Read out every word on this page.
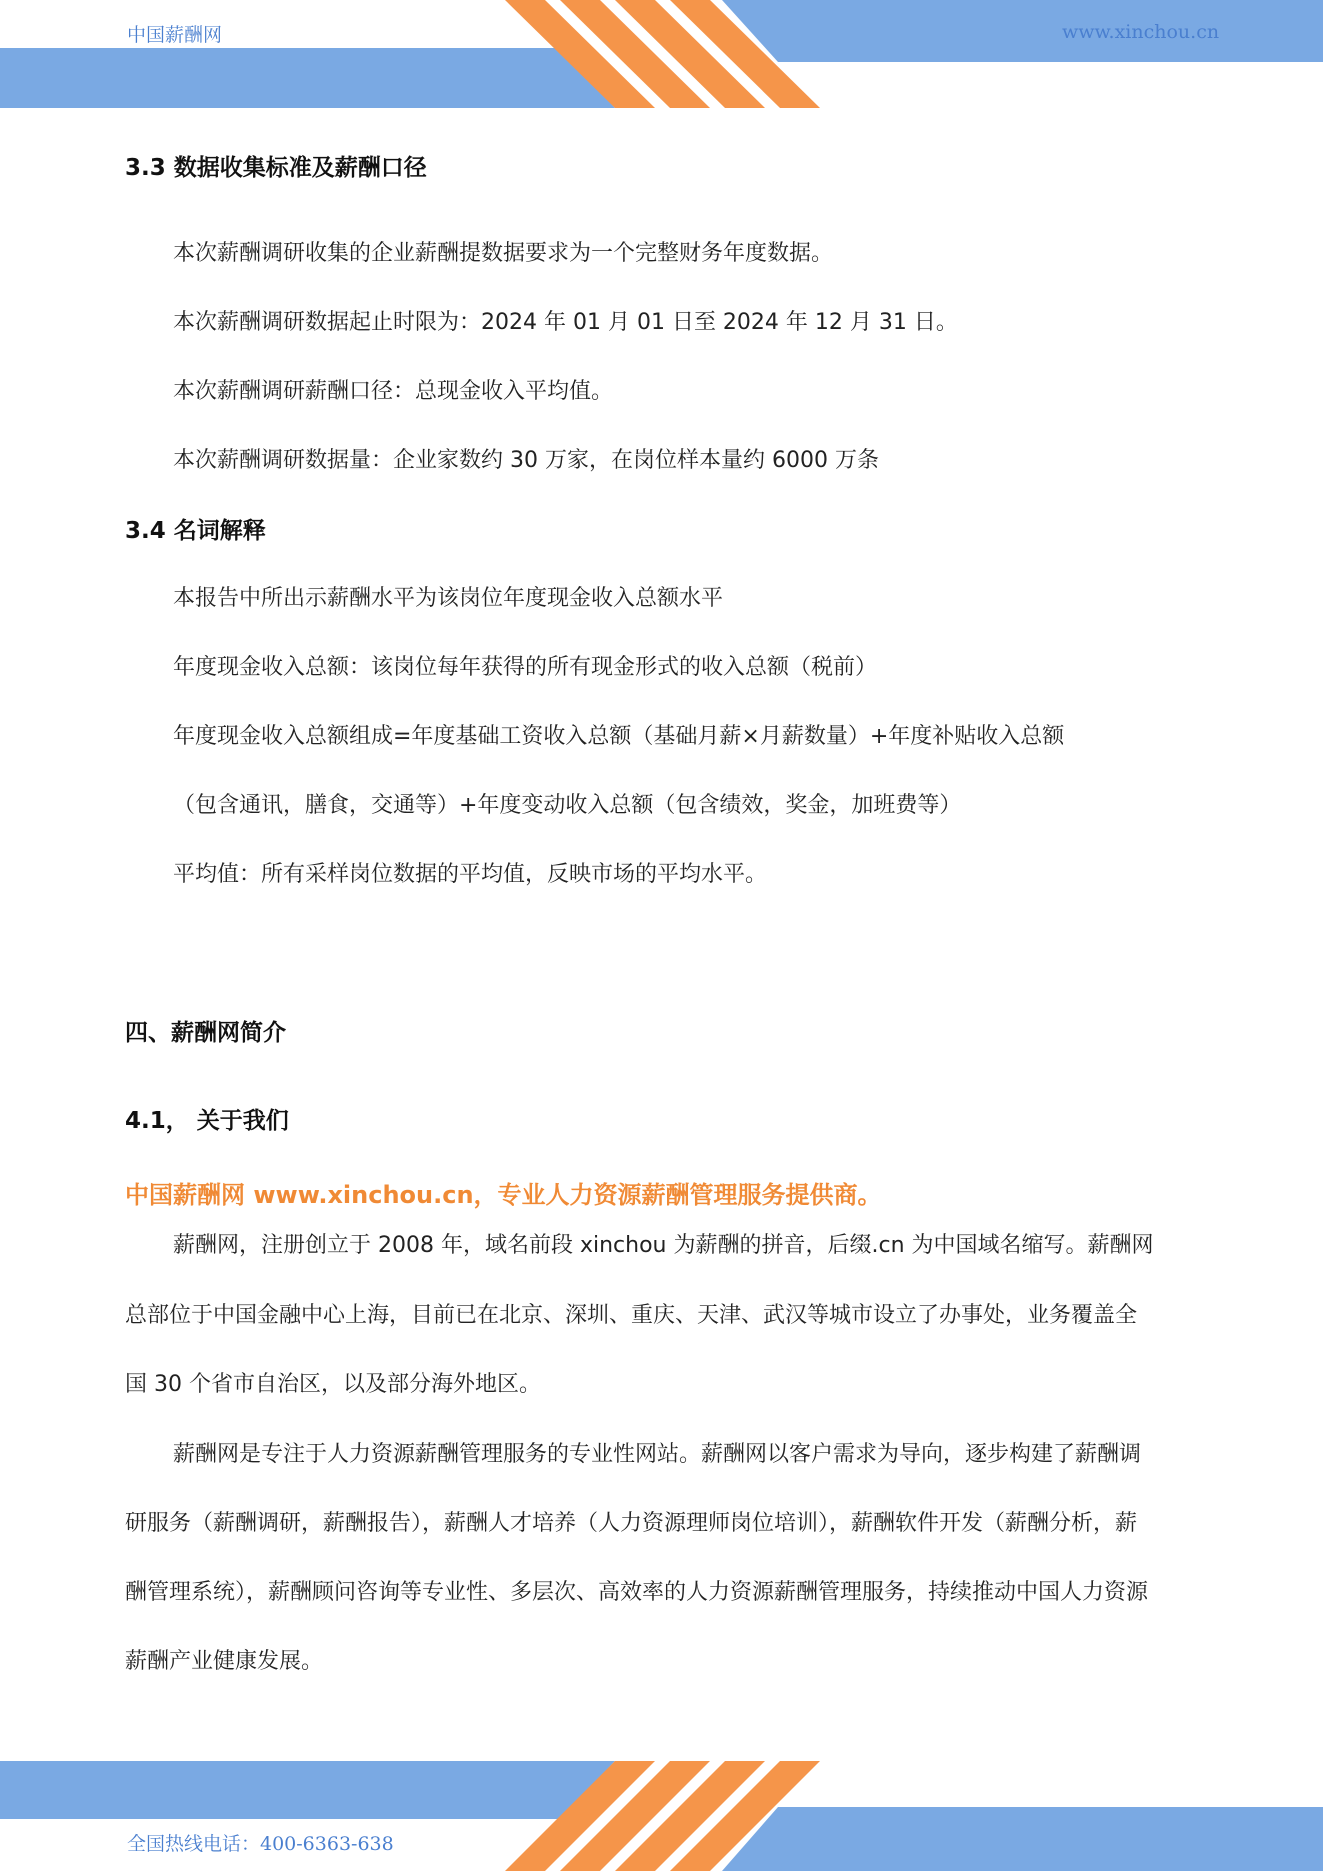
中国薪酬网	www.xinchou.cn
3.3 数据收集标准及薪酬口径
本次薪酬调研收集的企业薪酬提数据要求为一个完整财务年度数据。
本次薪酬调研数据起止时限为：2024 年 01 月 01 日至 2024 年 12 月 31 日。
本次薪酬调研薪酬口径：总现金收入平均值。
本次薪酬调研数据量：企业家数约 30 万家，在岗位样本量约 6000 万条
3.4 名词解释
本报告中所出示薪酬水平为该岗位年度现金收入总额水平
年度现金收入总额：该岗位每年获得的所有现金形式的收入总额（税前）
年度现金收入总额组成=年度基础工资收入总额（基础月薪×月薪数量）+年度补贴收入总额
（包含通讯，膳食，交通等）+年度变动收入总额（包含绩效，奖金，加班费等）
平均值：所有采样岗位数据的平均值，反映市场的平均水平。
四、薪酬网简介
4.1， 关于我们
中国薪酬网 www.xinchou.cn，专业人力资源薪酬管理服务提供商。
薪酬网，注册创立于 2008 年，域名前段 xinchou 为薪酬的拼音，后缀.cn 为中国域名缩写。薪酬网
总部位于中国金融中心上海，目前已在北京、深圳、重庆、天津、武汉等城市设立了办事处，业务覆盖全
国 30 个省市自治区，以及部分海外地区。
薪酬网是专注于人力资源薪酬管理服务的专业性网站。薪酬网以客户需求为导向，逐步构建了薪酬调
研服务（薪酬调研，薪酬报告），薪酬人才培养（人力资源理师岗位培训），薪酬软件开发（薪酬分析，薪
酬管理系统），薪酬顾问咨询等专业性、多层次、高效率的人力资源薪酬管理服务，持续推动中国人力资源
薪酬产业健康发展。
全国热线电话：400-6363-638
